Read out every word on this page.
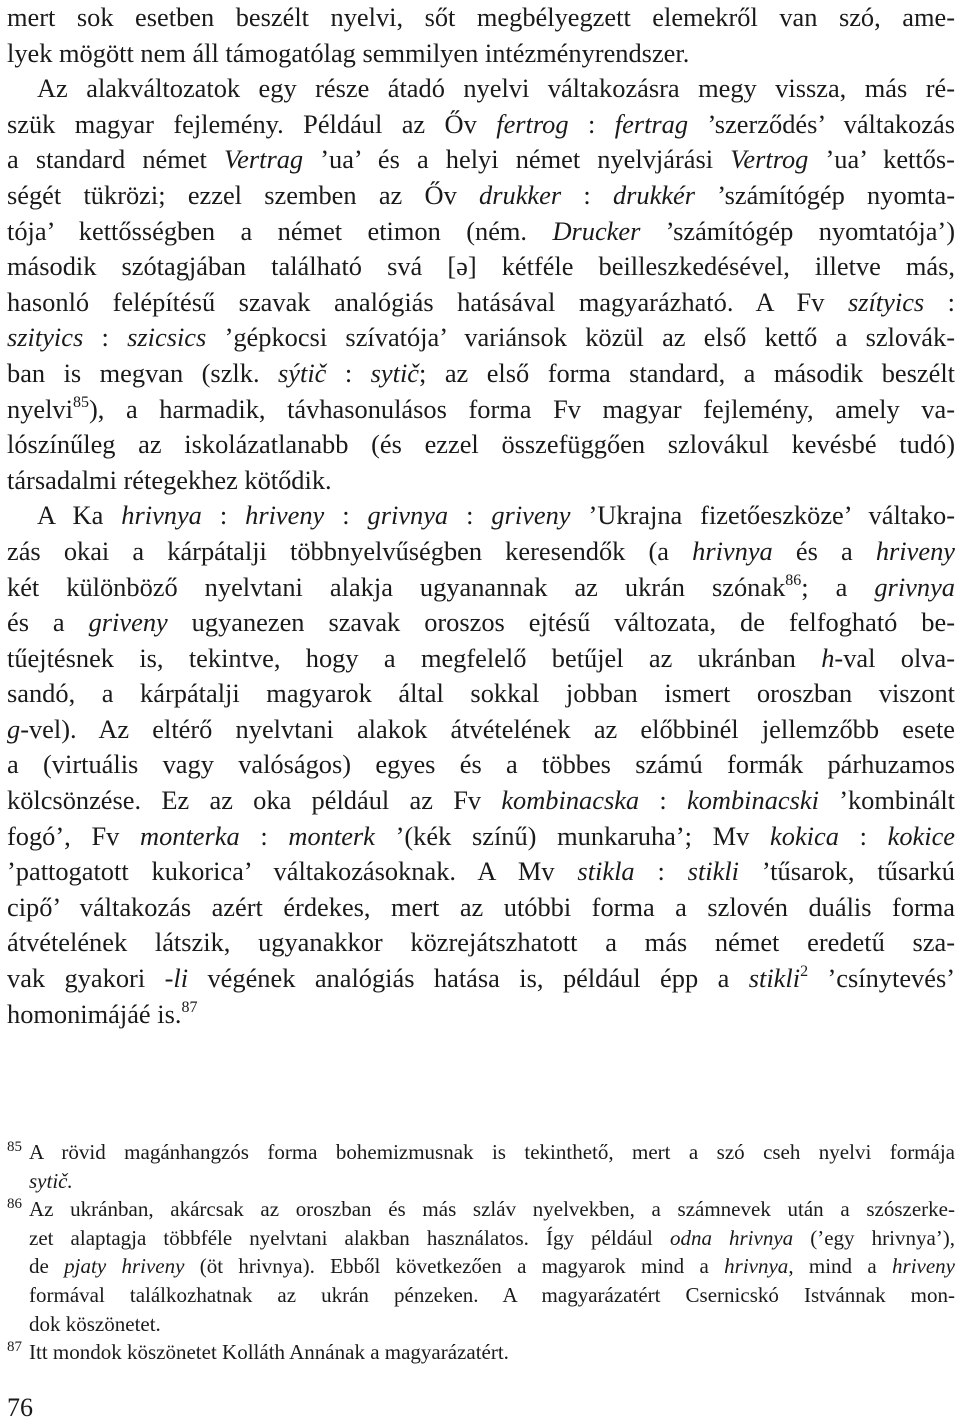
mert sok esetben beszélt nyelvi, sőt megbélyegzett elemekről van szó, ame-
lyek mögött nem áll támogatólag semmilyen intézményrendszer.
Az alakváltozatok egy része átadó nyelvi váltakozásra megy vissza, más ré-
szük magyar fejlemény. Például az Őv fertrog : fertrag ’szerződés’ váltakozás
a standard német Vertrag ’ua’ és a helyi német nyelvjárási Vertrog ’ua’ kettős-
ségét tükrözi; ezzel szemben az Őv drukker : drukkér ’számítógép nyomta-
tója’ kettősségben a német etimon (ném. Drucker ’számítógép nyomtatója’)
második szótagjában található svá [ə] kétféle beilleszkedésével, illetve más,
hasonló felépítésű szavak analógiás hatásával magyarázható. A Fv szítyics :
szityics : szicsics ’gépkocsi szívatója’ variánsok közül az első kettő a szlovák-
ban is megvan (szlk. sýtič : sytič; az első forma standard, a második beszélt
nyelvi$^{85}$), a harmadik, távhasonulásos forma Fv magyar fejlemény, amely va-
lószínűleg az iskolázatlanabb (és ezzel összefüggően szlovákul kevésbé tudó)
társadalmi rétegekhez kötődik.
A Ka hrivnya : hriveny : grivnya : griveny ’Ukrajna fizetőeszköze’ váltako-
zás okai a kárpátalji többnyelvűségben keresendők (a hrivnya és a hriveny
két különböző nyelvtani alakja ugyanannak az ukrán szónak$^{86}$; a grivnya
és a griveny ugyanezen szavak oroszos ejtésű változata, de felfogható be-
tűejtésnek is, tekintve, hogy a megfelelő betűjel az ukránban h-val olva-
sandó, a kárpátalji magyarok által sokkal jobban ismert oroszban viszont
g-vel). Az eltérő nyelvtani alakok átvételének az előbbinél jellemzőbb esete
a (virtuális vagy valóságos) egyes és a többes számú formák párhuzamos
kölcsönzése. Ez az oka például az Fv kombinacska : kombinacski ’kombinált
fogó’, Fv monterka : monterk ’(kék színű) munkaruha’; Mv kokica : kokice
’pattogatott kukorica’ váltakozásoknak. A Mv stikla : stikli ’tűsarok, tűsarkú
cipő’ váltakozás azért érdekes, mert az utóbbi forma a szlovén duális forma
átvételének látszik, ugyanakkor közrejátszhatott a más német eredetű sza-
vak gyakori -li végének analógiás hatása is, például épp a stikli$^2$ ’csínytevés’
homonimájáé is.$^{87}$
85 A rövid magánhangzós forma bohemizmusnak is tekinthető, mert a szó cseh nyelvi formája
sytič.
86 Az ukránban, akárcsak az oroszban és más szláv nyelvekben, a számnevek után a szószerke-
zet alaptagja többféle nyelvtani alakban használatos. Így például odna hrivnya (’egy hrivnya’),
de pjaty hriveny (öt hrivnya). Ebből következően a magyarok mind a hrivnya, mind a hriveny
formával találkozhatnak az ukrán pénzeken. A magyarázatért Csernicskó Istvánnak mon-
dok köszönetet.
87 Itt mondok köszönetet Kolláth Annának a magyarázatért.
76
